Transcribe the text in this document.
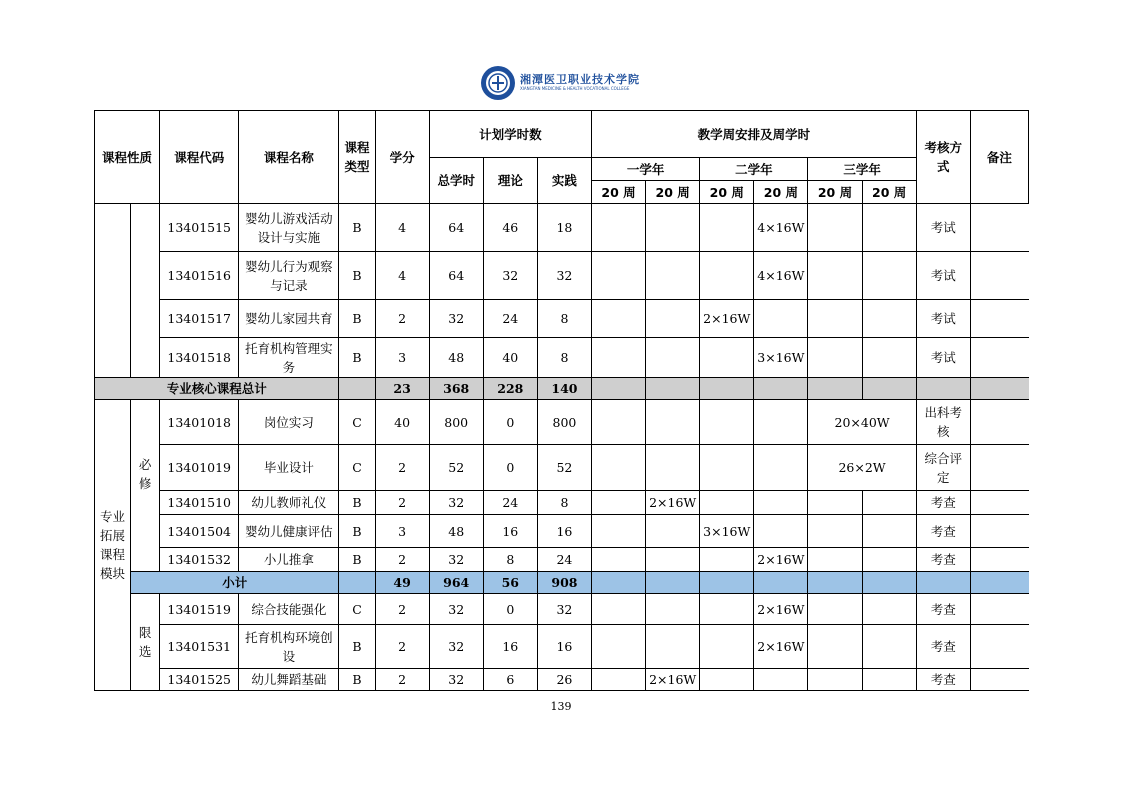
湘潭医卫职业技术学院
XIANGTAN MEDICINE & HEALTH VOCATIONAL COLLEGE
课程性质		课程代码	课程名称	课程类型	学分	计划学时数			教学周安排及周学时						考核方式	备注
						总学时	理论	实践	一学年		二学年		三学年			
									20 周	20 周	20 周	20 周	20 周	20 周		
		13401515	婴幼儿游戏活动设计与实施	B	4	64	46	18				4×16W			考试	
		13401516	婴幼儿行为观察与记录	B	4	64	32	32				4×16W			考试	
		13401517	婴幼儿家园共育	B	2	32	24	8			2×16W				考试	
		13401518	托育机构管理实务	B	3	48	40	8				3×16W			考试	
专业核心课程总计					23	368	228	140								
专业拓展课程模块	必修	13401018	岗位实习	C	40	800	0	800					20×40W		出科考核	
		13401019	毕业设计	C	2	52	0	52					26×2W		综合评定	
		13401510	幼儿教师礼仪	B	2	32	24	8		2×16W					考查	
		13401504	婴幼儿健康评估	B	3	48	16	16			3×16W				考查	
		13401532	小儿推拿	B	2	32	8	24				2×16W			考查	
	小计				49	964	56	908								
	限选	13401519	综合技能强化	C	2	32	0	32				2×16W			考查	
		13401531	托育机构环境创设	B	2	32	16	16				2×16W			考查	
		13401525	幼儿舞蹈基础	B	2	32	6	26		2×16W					考查	
139
